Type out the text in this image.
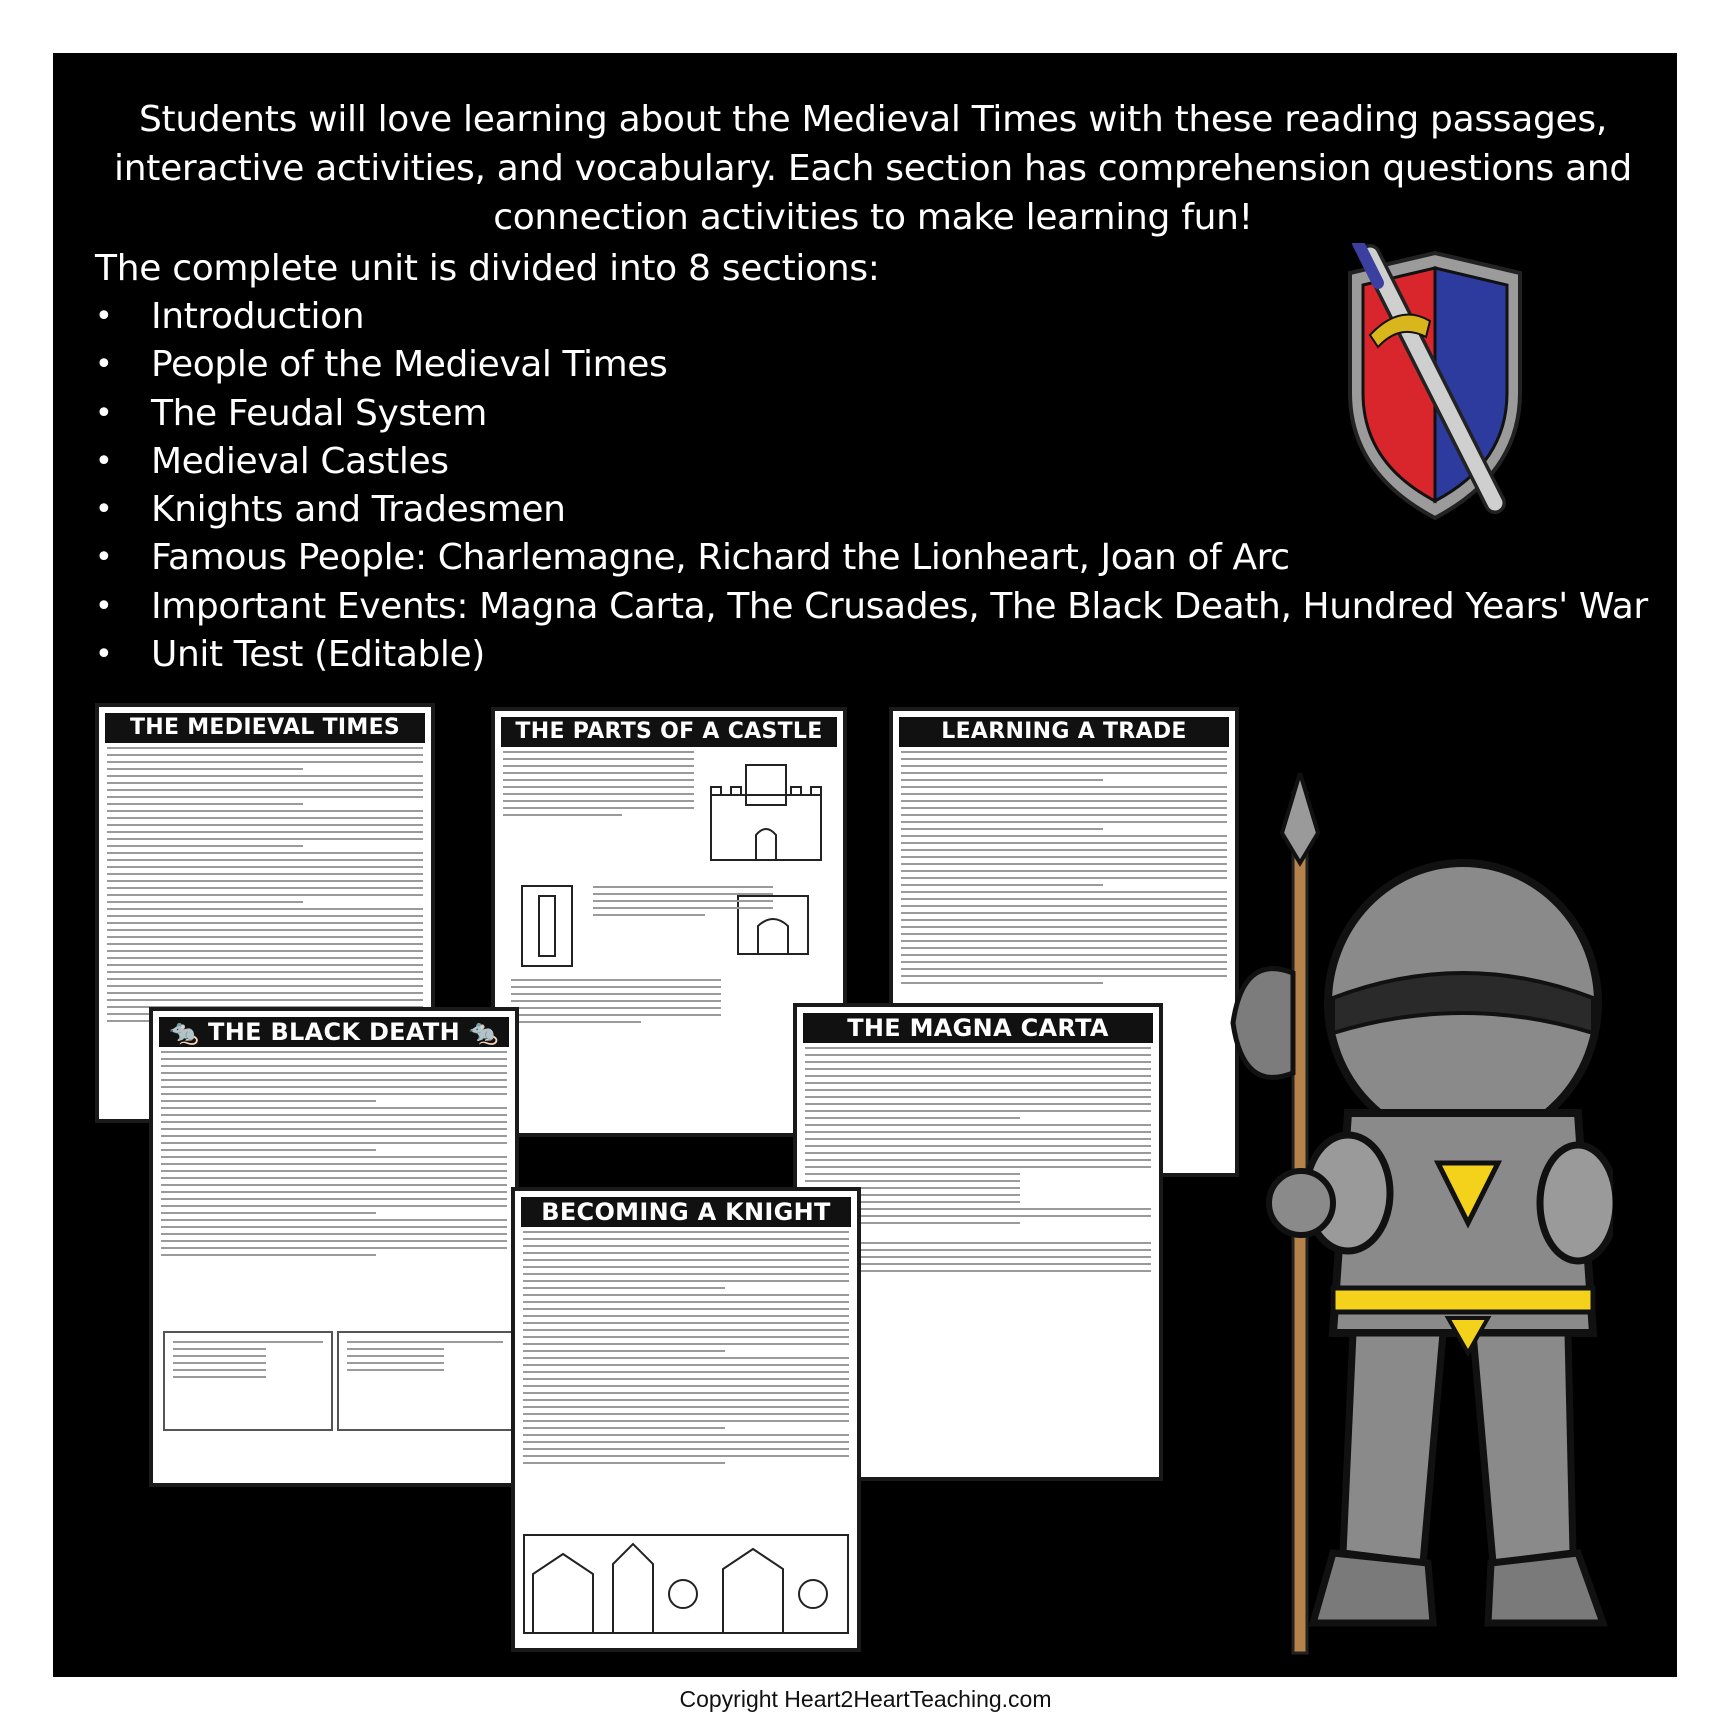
Students will love learning about the Medieval Times with these reading passages,
interactive activities, and vocabulary. Each section has comprehension questions and
connection activities to make learning fun!
The complete unit is divided into 8 sections:
• Introduction
• People of the Medieval Times
• The Feudal System
• Medieval Castles
• Knights and Tradesmen
• Famous People: Charlemagne, Richard the Lionheart, Joan of Arc
• Important Events: Magna Carta, The Crusades, The Black Death, Hundred Years' War
• Unit Test (Editable)
THE MEDIEVAL TIMES	THE PARTS OF A CASTLE	LEARNING A TRADE
🐀 THE BLACK DEATH 🐀	THE MAGNA CARTA
BECOMING A KNIGHT
Copyright Heart2HeartTeaching.com
